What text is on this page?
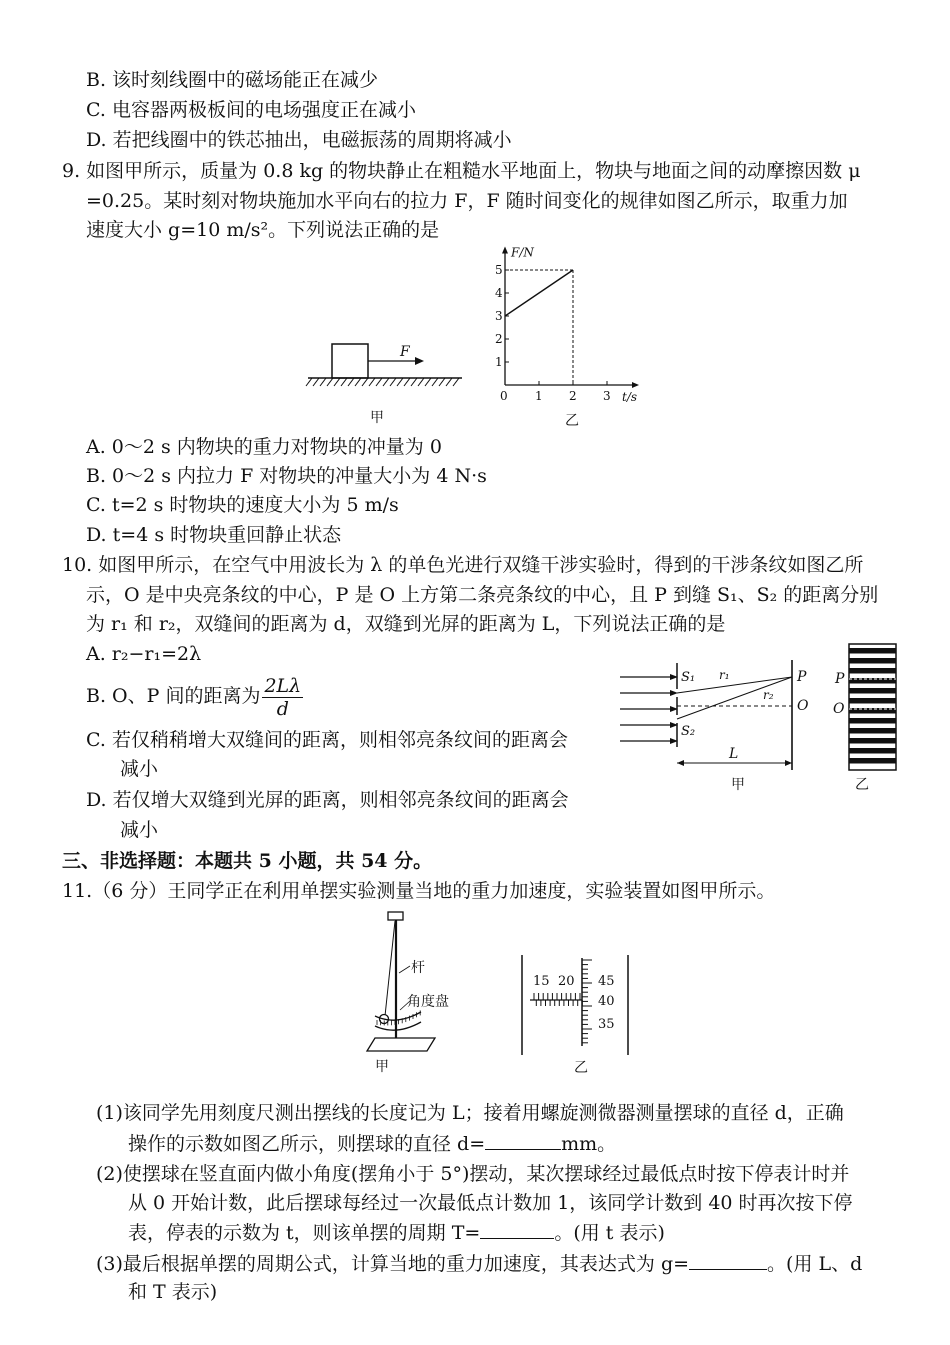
B. 该时刻线圈中的磁场能正在减少
C. 电容器两极板间的电场强度正在减小
D. 若把线圈中的铁芯抽出，电磁振荡的周期将减小
9. 如图甲所示，质量为 0.8 kg 的物块静止在粗糙水平地面上，物块与地面之间的动摩擦因数 μ
=0.25。某时刻对物块施加水平向右的拉力 F，F 随时间变化的规律如图乙所示，取重力加
速度大小 g=10 m/s²。下列说法正确的是
F
甲
1
2
3
4
5
0 1 2 3
F/N
t/s
乙
A. 0～2 s 内物块的重力对物块的冲量为 0
B. 0～2 s 内拉力 F 对物块的冲量大小为 4 N·s
C. t=2 s 时物块的速度大小为 5 m/s
D. t=4 s 时物块重回静止状态
10. 如图甲所示，在空气中用波长为 λ 的单色光进行双缝干涉实验时，得到的干涉条纹如图乙所
示，O 是中央亮条纹的中心，P 是 O 上方第二条亮条纹的中心，且 P 到缝 S₁、S₂ 的距离分别
为 r₁ 和 r₂，双缝间的距离为 d，双缝到光屏的距离为 L，下列说法正确的是
A. r₂−r₁=2λ
B. O、P 间的距离为 $\frac{2L\lambda}{d}$
C. 若仅稍稍增大双缝间的距离，则相邻亮条纹间的距离会
减小
D. 若仅增大双缝到光屏的距离，则相邻亮条纹间的距离会
减小
S₁
S₂
r₁
r₂
P
O
L
甲
P
O
乙
三、非选择题：本题共 5 小题，共 54 分。
11.（6 分）王同学正在利用单摆实验测量当地的重力加速度，实验装置如图甲所示。
杆
角度盘
甲
15 20 45
40
35
乙
(1)该同学先用刻度尺测出摆线的长度记为 L；接着用螺旋测微器测量摆球的直径 d，正确
操作的示数如图乙所示，则摆球的直径 d=	mm。
(2)使摆球在竖直面内做小角度(摆角小于 5°)摆动，某次摆球经过最低点时按下停表计时并
从 0 开始计数，此后摆球每经过一次最低点计数加 1，该同学计数到 40 时再次按下停
表，停表的示数为 t，则该单摆的周期 T=	。(用 t 表示)
(3)最后根据单摆的周期公式，计算当地的重力加速度，其表达式为 g=	。(用 L、d
和 T 表示)
